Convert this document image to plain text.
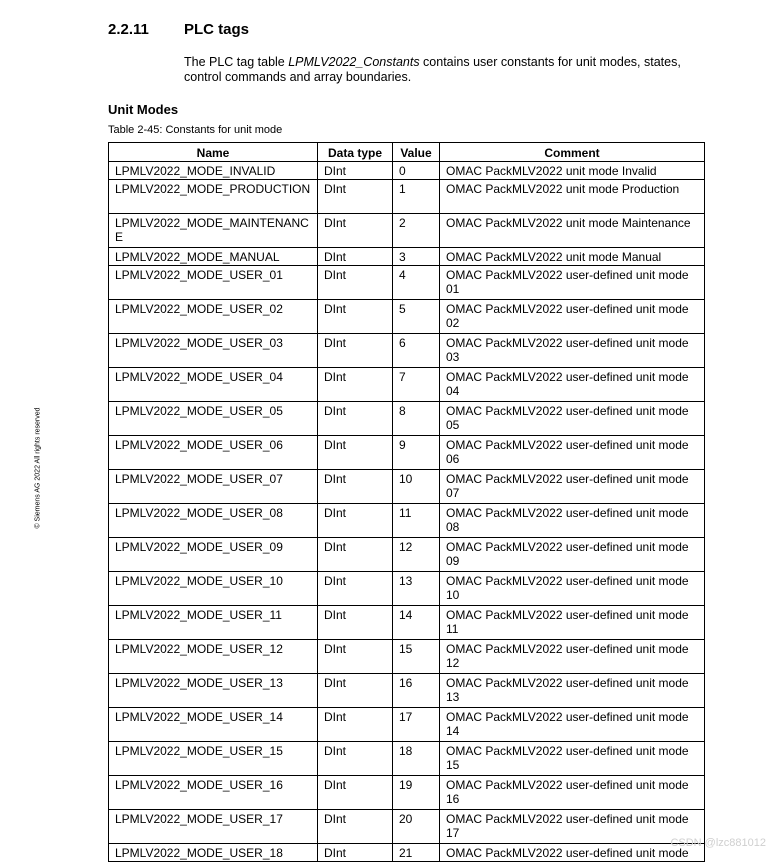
2.2.11 PLC tags
The PLC tag table LPMLV2022_Constants contains user constants for unit modes, states, control commands and array boundaries.
Unit Modes
Table 2-45: Constants for unit mode
© Siemens AG 2022 All rights reserved
Name	Data type	Value	Comment
LPMLV2022_MODE_INVALID	DInt	0	OMAC PackMLV2022 unit mode Invalid
LPMLV2022_MODE_PRODUCTION	DInt	1	OMAC PackMLV2022 unit mode Production
LPMLV2022_MODE_MAINTENANCE	DInt	2	OMAC PackMLV2022 unit mode Maintenance
LPMLV2022_MODE_MANUAL	DInt	3	OMAC PackMLV2022 unit mode Manual
LPMLV2022_MODE_USER_01	DInt	4	OMAC PackMLV2022 user-defined unit mode 01
LPMLV2022_MODE_USER_02	DInt	5	OMAC PackMLV2022 user-defined unit mode 02
LPMLV2022_MODE_USER_03	DInt	6	OMAC PackMLV2022 user-defined unit mode 03
LPMLV2022_MODE_USER_04	DInt	7	OMAC PackMLV2022 user-defined unit mode 04
LPMLV2022_MODE_USER_05	DInt	8	OMAC PackMLV2022 user-defined unit mode 05
LPMLV2022_MODE_USER_06	DInt	9	OMAC PackMLV2022 user-defined unit mode 06
LPMLV2022_MODE_USER_07	DInt	10	OMAC PackMLV2022 user-defined unit mode 07
LPMLV2022_MODE_USER_08	DInt	11	OMAC PackMLV2022 user-defined unit mode 08
LPMLV2022_MODE_USER_09	DInt	12	OMAC PackMLV2022 user-defined unit mode 09
LPMLV2022_MODE_USER_10	DInt	13	OMAC PackMLV2022 user-defined unit mode 10
LPMLV2022_MODE_USER_11	DInt	14	OMAC PackMLV2022 user-defined unit mode 11
LPMLV2022_MODE_USER_12	DInt	15	OMAC PackMLV2022 user-defined unit mode 12
LPMLV2022_MODE_USER_13	DInt	16	OMAC PackMLV2022 user-defined unit mode 13
LPMLV2022_MODE_USER_14	DInt	17	OMAC PackMLV2022 user-defined unit mode 14
LPMLV2022_MODE_USER_15	DInt	18	OMAC PackMLV2022 user-defined unit mode 15
LPMLV2022_MODE_USER_16	DInt	19	OMAC PackMLV2022 user-defined unit mode 16
LPMLV2022_MODE_USER_17	DInt	20	OMAC PackMLV2022 user-defined unit mode 17
LPMLV2022_MODE_USER_18	DInt	21	OMAC PackMLV2022 user-defined unit mode
CSDN @lzc881012
